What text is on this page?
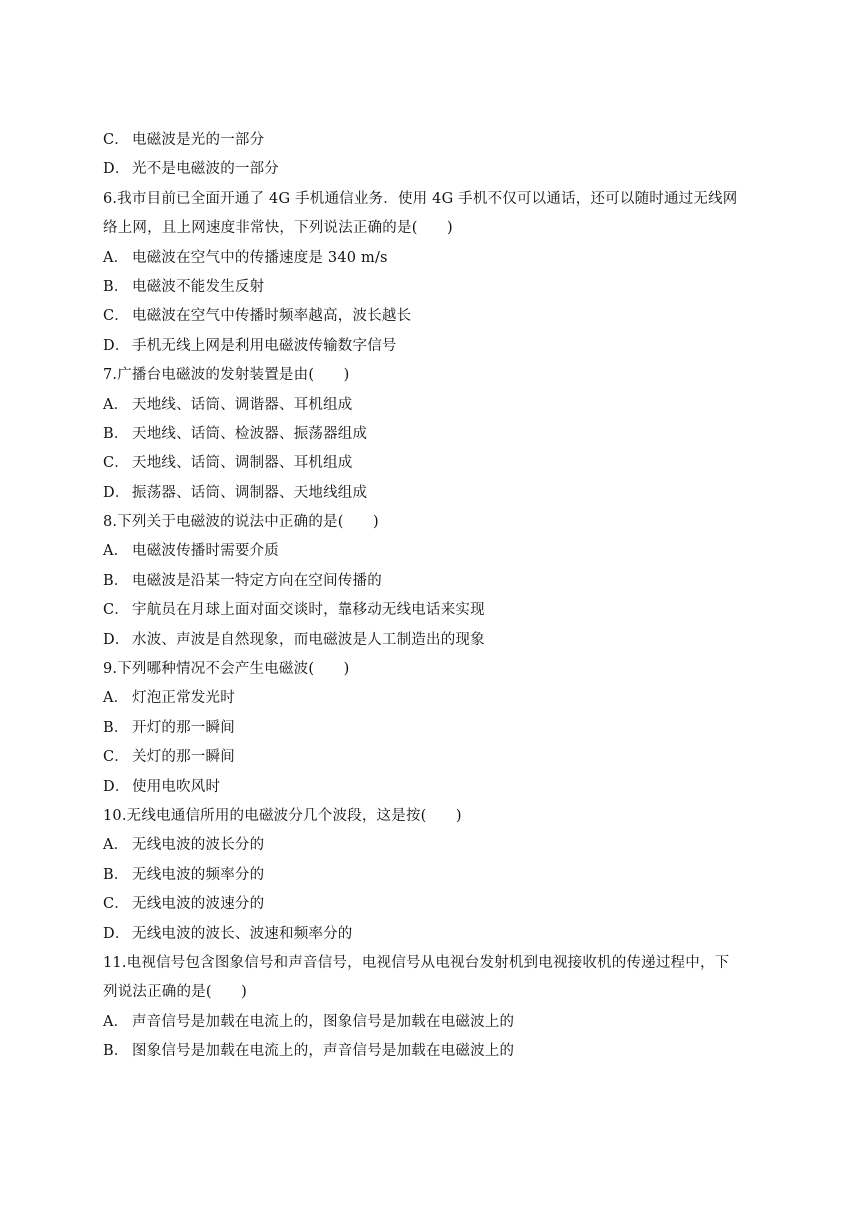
C． 电磁波是光的一部分
D． 光不是电磁波的一部分
6.我市目前已全面开通了 4G 手机通信业务．使用 4G 手机不仅可以通话，还可以随时通过无线网
络上网，且上网速度非常快，下列说法正确的是(　　)
A． 电磁波在空气中的传播速度是 340 m/s
B． 电磁波不能发生反射
C． 电磁波在空气中传播时频率越高，波长越长
D． 手机无线上网是利用电磁波传输数字信号
7.广播台电磁波的发射装置是由(　　)
A． 天地线、话筒、调谐器、耳机组成
B． 天地线、话筒、检波器、振荡器组成
C． 天地线、话筒、调制器、耳机组成
D． 振荡器、话筒、调制器、天地线组成
8.下列关于电磁波的说法中正确的是(　　)
A． 电磁波传播时需要介质
B． 电磁波是沿某一特定方向在空间传播的
C． 宇航员在月球上面对面交谈时，靠移动无线电话来实现
D． 水波、声波是自然现象，而电磁波是人工制造出的现象
9.下列哪种情况不会产生电磁波(　　)
A． 灯泡正常发光时
B． 开灯的那一瞬间
C． 关灯的那一瞬间
D． 使用电吹风时
10.无线电通信所用的电磁波分几个波段，这是按(　　)
A． 无线电波的波长分的
B． 无线电波的频率分的
C． 无线电波的波速分的
D． 无线电波的波长、波速和频率分的
11.电视信号包含图象信号和声音信号，电视信号从电视台发射机到电视接收机的传递过程中，下
列说法正确的是(　　)
A． 声音信号是加载在电流上的，图象信号是加载在电磁波上的
B． 图象信号是加载在电流上的，声音信号是加载在电磁波上的
